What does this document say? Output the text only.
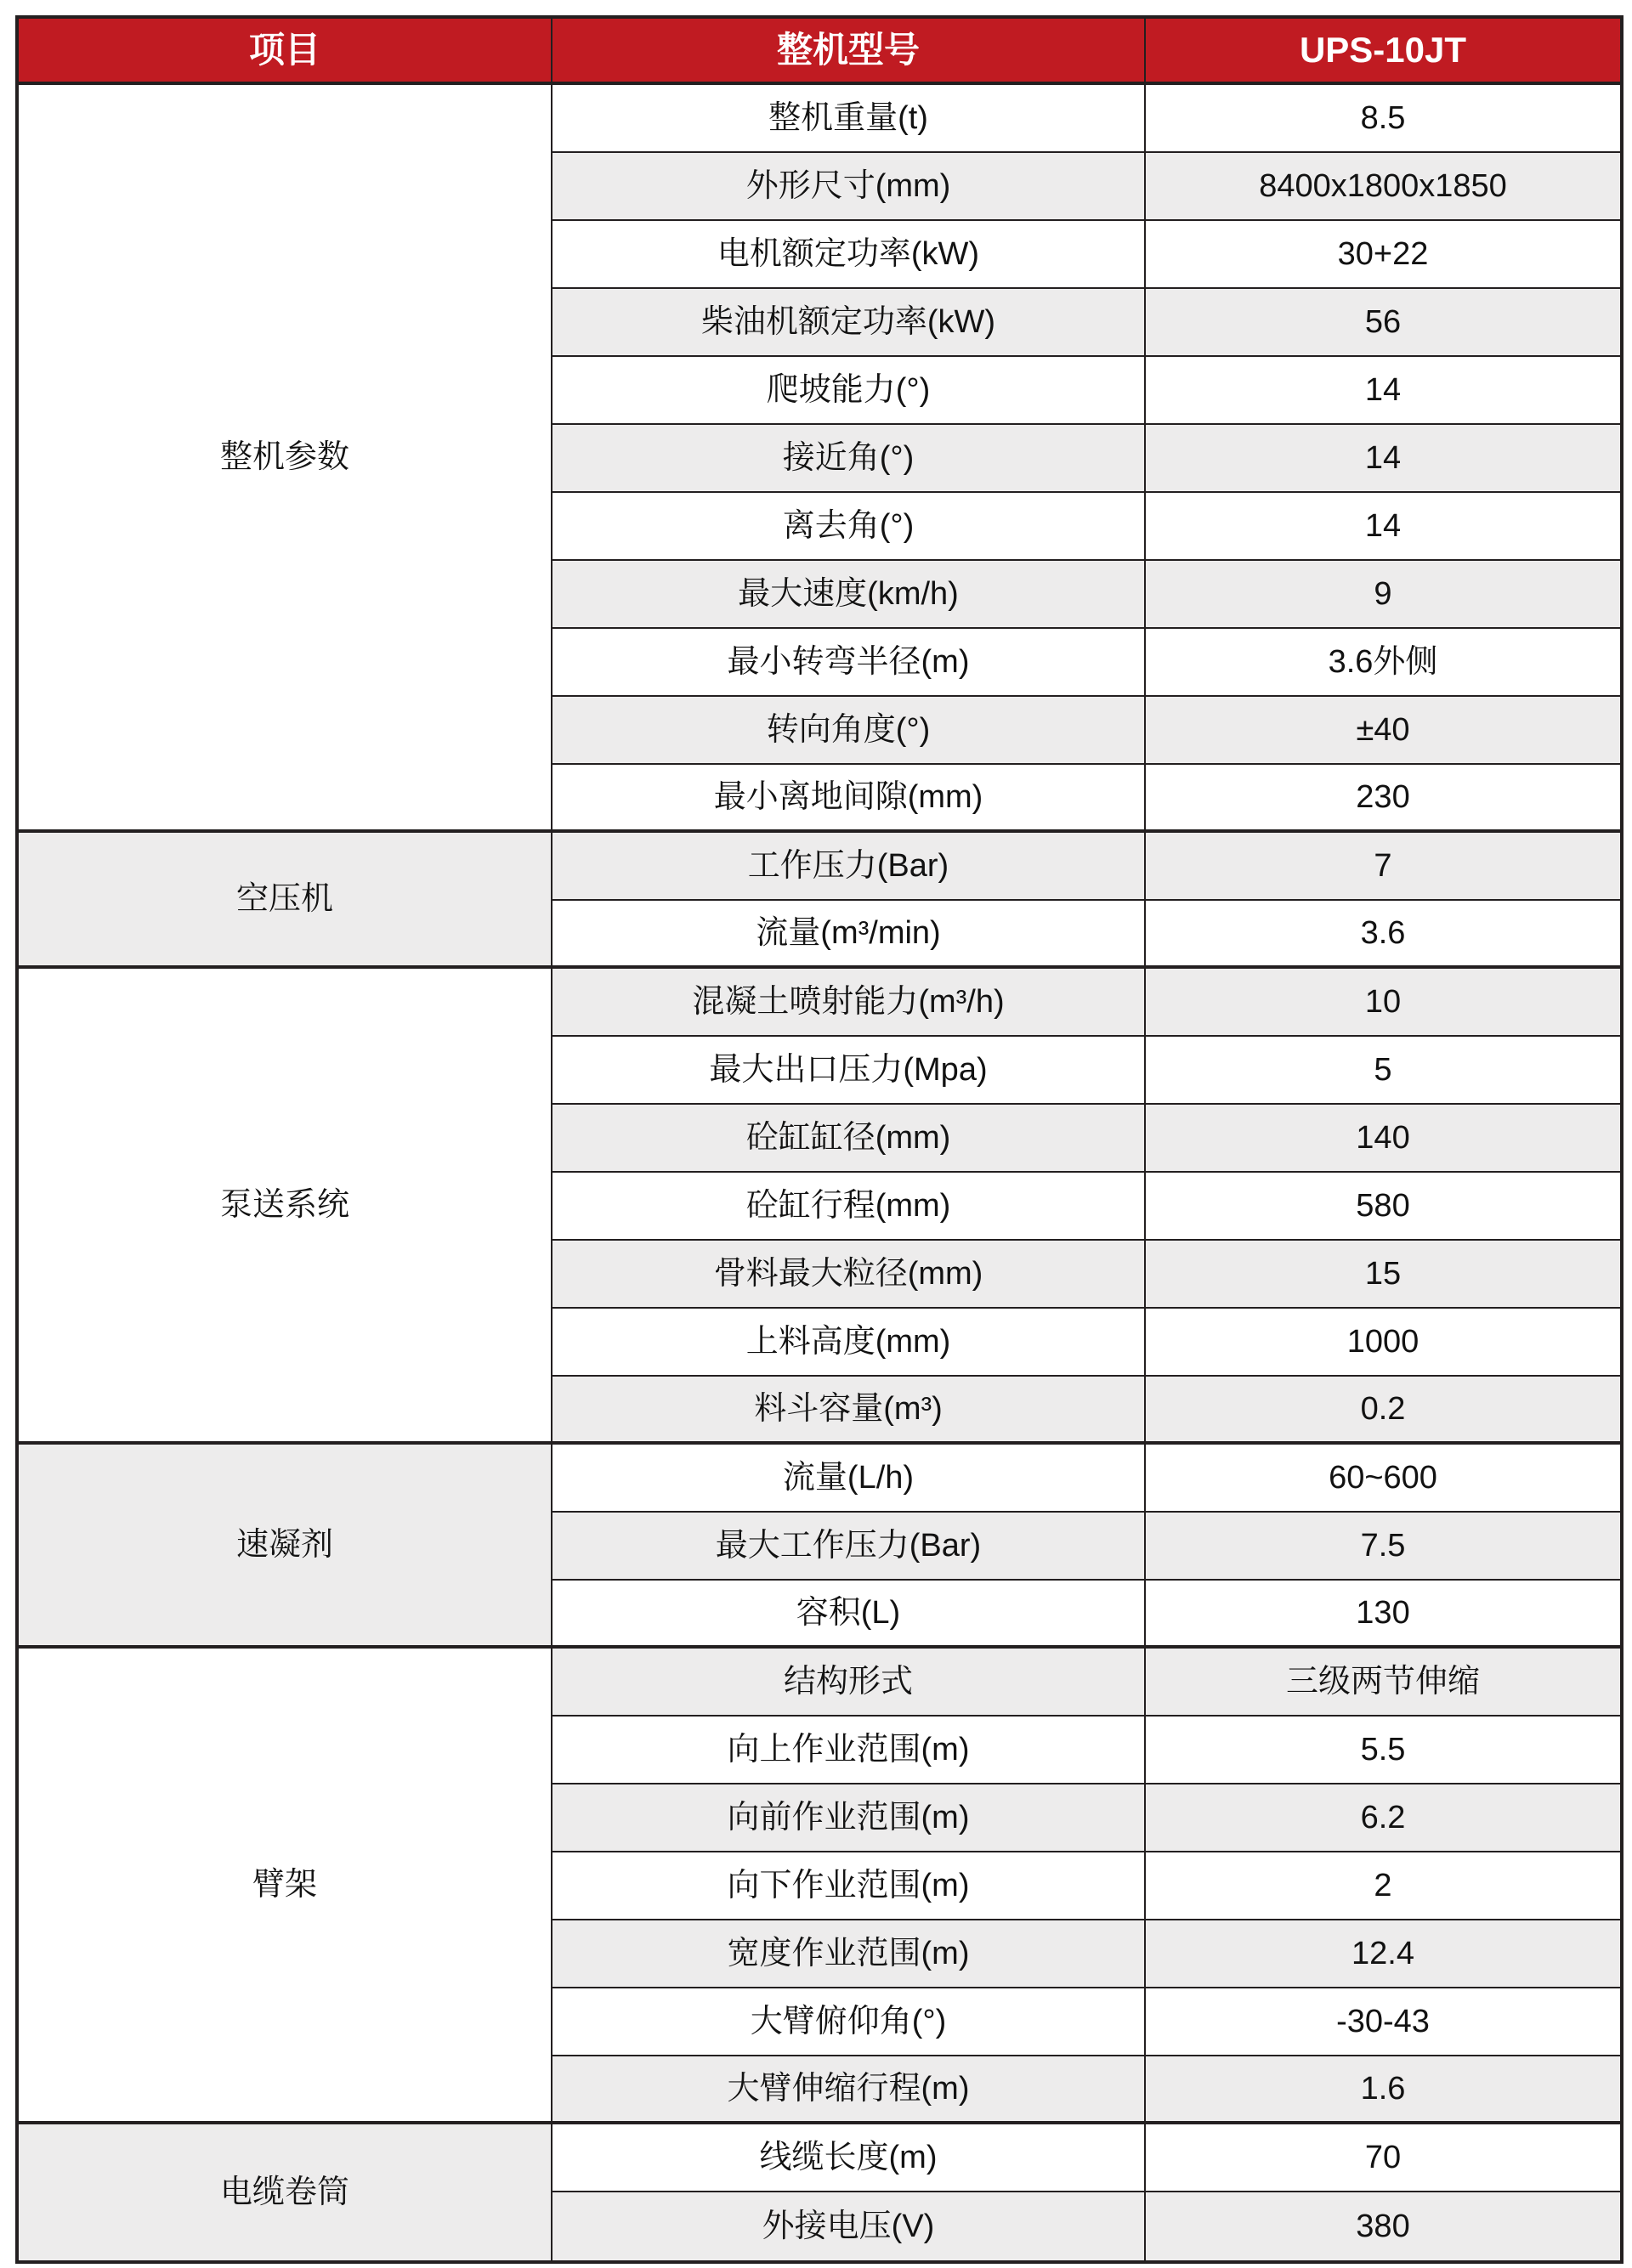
项目	整机型号	UPS-10JT
整机参数
整机重量(t)	8.5
外形尺寸(mm)	8400x1800x1850
电机额定功率(kW)	30+22
柴油机额定功率(kW)	56
爬坡能力(°)	14
接近角(°)	14
离去角(°)	14
最大速度(km/h)	9
最小转弯半径(m)	3.6外侧
转向角度(°)	±40
最小离地间隙(mm)	230
空压机
工作压力(Bar)	7
流量(m³/min)	3.6
泵送系统
混凝土喷射能力(m³/h)	10
最大出口压力(Mpa)	5
砼缸缸径(mm)	140
砼缸行程(mm)	580
骨料最大粒径(mm)	15
上料高度(mm)	1000
料斗容量(m³)	0.2
速凝剂
流量(L/h)	60~600
最大工作压力(Bar)	7.5
容积(L)	130
臂架
结构形式	三级两节伸缩
向上作业范围(m)	5.5
向前作业范围(m)	6.2
向下作业范围(m)	2
宽度作业范围(m)	12.4
大臂俯仰角(°)	-30-43
大臂伸缩行程(m)	1.6
电缆卷筒
线缆长度(m)	70
外接电压(V)	380
